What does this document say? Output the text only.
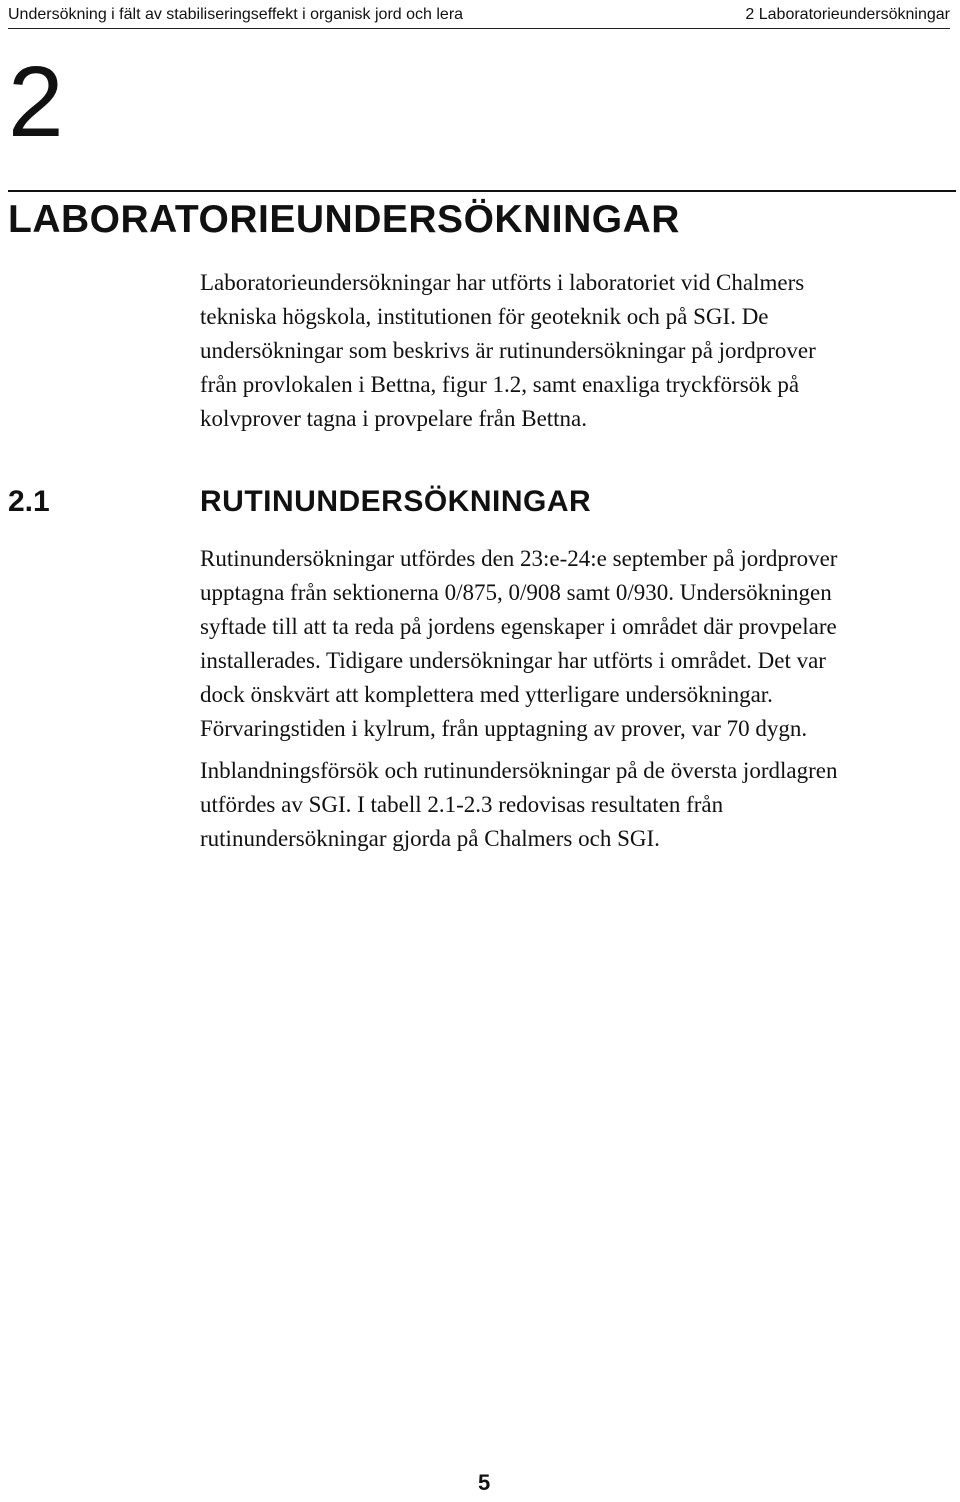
Undersökning i fält av stabiliseringseffekt i organisk jord och lera	2 Laboratorieundersökningar
2
LABORATORIEUNDERSÖKNINGAR

Laboratorieundersökningar har utförts i laboratoriet vid Chalmers
tekniska högskola, institutionen för geoteknik och på SGI. De
undersökningar som beskrivs är rutinundersökningar på jordprover
från provlokalen i Bettna, figur 1.2, samt enaxliga tryckförsök på
kolvprover tagna i provpelare från Bettna.

2.1	RUTINUNDERSÖKNINGAR

Rutinundersökningar utfördes den 23:e-24:e september på jordprover
upptagna från sektionerna 0/875, 0/908 samt 0/930. Undersökningen
syftade till att ta reda på jordens egenskaper i området där provpelare
installerades. Tidigare undersökningar har utförts i området. Det var
dock önskvärt att komplettera med ytterligare undersökningar.
Förvaringstiden i kylrum, från upptagning av prover, var 70 dygn.

Inblandningsförsök och rutinundersökningar på de översta jordlagren
utfördes av SGI. I tabell 2.1-2.3 redovisas resultaten från
rutinundersökningar gjorda på Chalmers och SGI.

5
